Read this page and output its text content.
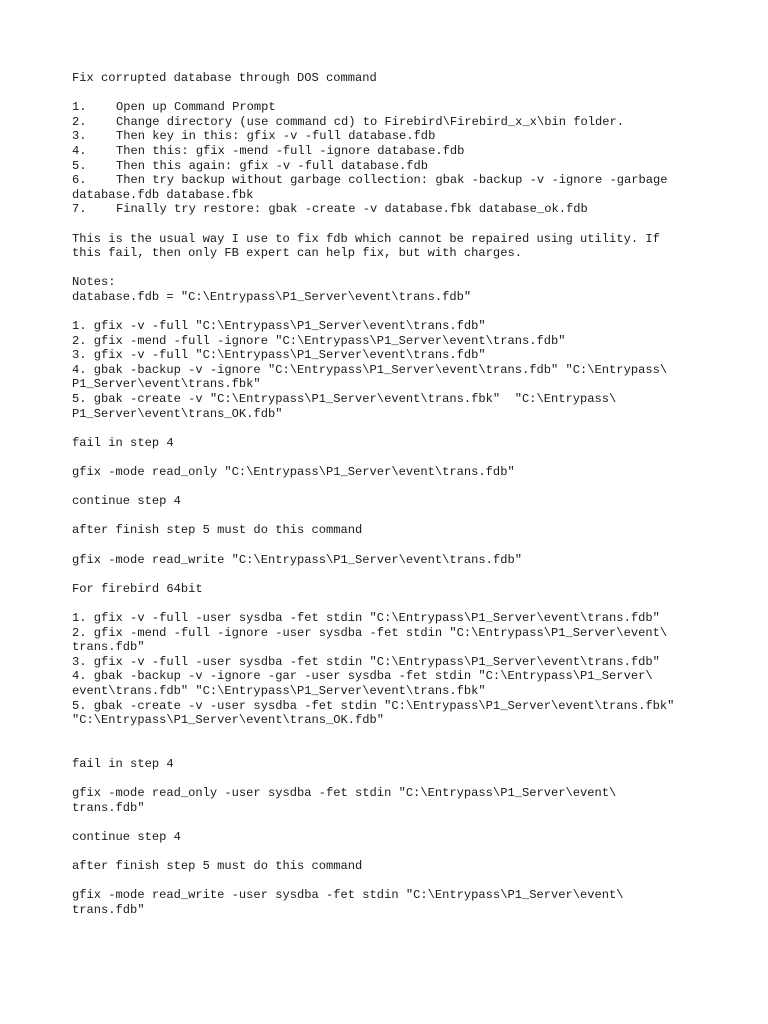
Fix corrupted database through DOS command
1.	Open up Command Prompt
2.	Change directory (use command cd) to Firebird\Firebird_x_x\bin folder.
3.	Then key in this: gfix -v -full database.fdb
4.	Then this: gfix -mend -full -ignore database.fdb
5.	Then this again: gfix -v -full database.fdb
6.	Then try backup without garbage collection: gbak -backup -v -ignore -garbage
database.fdb database.fbk
7.	Finally try restore: gbak -create -v database.fbk database_ok.fdb
This is the usual way I use to fix fdb which cannot be repaired using utility. If
this fail, then only FB expert can help fix, but with charges.
Notes:
database.fdb = "C:\Entrypass\P1_Server\event\trans.fdb"
1. gfix -v -full "C:\Entrypass\P1_Server\event\trans.fdb"
2. gfix -mend -full -ignore "C:\Entrypass\P1_Server\event\trans.fdb"
3. gfix -v -full "C:\Entrypass\P1_Server\event\trans.fdb"
4. gbak -backup -v -ignore "C:\Entrypass\P1_Server\event\trans.fdb" "C:\Entrypass\
P1_Server\event\trans.fbk"
5. gbak -create -v "C:\Entrypass\P1_Server\event\trans.fbk"  "C:\Entrypass\
P1_Server\event\trans_OK.fdb"
fail in step 4
gfix -mode read_only "C:\Entrypass\P1_Server\event\trans.fdb"
continue step 4
after finish step 5 must do this command
gfix -mode read_write "C:\Entrypass\P1_Server\event\trans.fdb"
For firebird 64bit
1. gfix -v -full -user sysdba -fet stdin "C:\Entrypass\P1_Server\event\trans.fdb"
2. gfix -mend -full -ignore -user sysdba -fet stdin "C:\Entrypass\P1_Server\event\
trans.fdb"
3. gfix -v -full -user sysdba -fet stdin "C:\Entrypass\P1_Server\event\trans.fdb"
4. gbak -backup -v -ignore -gar -user sysdba -fet stdin "C:\Entrypass\P1_Server\
event\trans.fdb" "C:\Entrypass\P1_Server\event\trans.fbk"
5. gbak -create -v -user sysdba -fet stdin "C:\Entrypass\P1_Server\event\trans.fbk"
"C:\Entrypass\P1_Server\event\trans_OK.fdb"
fail in step 4
gfix -mode read_only -user sysdba -fet stdin "C:\Entrypass\P1_Server\event\
trans.fdb"
continue step 4
after finish step 5 must do this command
gfix -mode read_write -user sysdba -fet stdin "C:\Entrypass\P1_Server\event\
trans.fdb"
